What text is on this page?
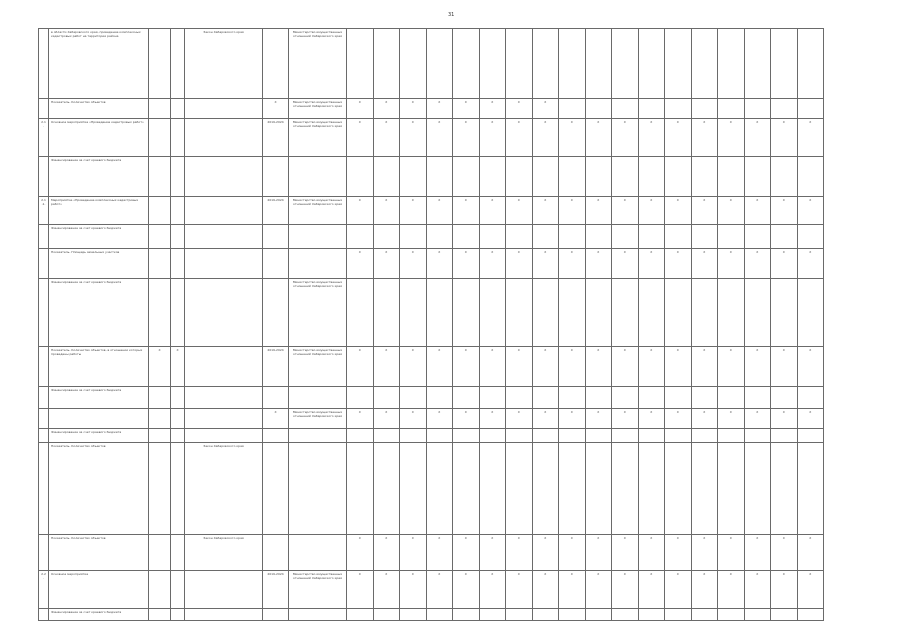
31
	в области Хабаровского края, проведение комплексных кадастровых работ на территории района			Закон Хабаровского края		Министерство имущественных отношений Хабаровского края																		
	Показатель. Количество объектов				X	Министерство имущественных отношений Хабаровского края	X	X	X	X	X	X	X	X										
2.1.	Основное мероприятие «Проведение кадастровых работ»				2019-2024	Министерство имущественных отношений Хабаровского края	X	X	X	X	X	X	X	X	X	X	X	X	X	X	X	X	X	X
	Финансирование за счет краевого бюджета																							
2.1.1.	Мероприятие «Проведение комплексных кадастровых работ»				2019-2024	Министерство имущественных отношений Хабаровского края	X	X	X	X	X	X	X	X	X	X	X	X	X	X	X	X	X	X
	Финансирование за счет краевого бюджета																							
	Показатель. Площадь земельных участков						X	X	X	X	X	X	X	X	X	X	X	X	X	X	X	X	X	X
	Финансирование за счет краевого бюджета					Министерство имущественных отношений Хабаровского края																		
	Показатель. Количество объектов, в отношении которых проведены работы	X	X		2019-2024	Министерство имущественных отношений Хабаровского края	X	X	X	X	X	X	X	X	X	X	X	X	X	X	X	X	X	X
	Финансирование за счет краевого бюджета																							
					X	Министерство имущественных отношений Хабаровского края	X	X	X	X	X	X	X	X	X	X	X	X	X	X	X	X	X	X
	Финансирование за счет краевого бюджета																							
	Показатель. Количество объектов			Закон Хабаровского края																				
	Показатель. Количество объектов			Закон Хабаровского края			X	X	X	X	X	X	X	X	X	X	X	X	X	X	X	X	X	X
2.2.	Основное мероприятие				2019-2024	Министерство имущественных отношений Хабаровского края	X	X	X	X	X	X	X	X	X	X	X	X	X	X	X	X	X	X
	Финансирование за счет краевого бюджета																							
